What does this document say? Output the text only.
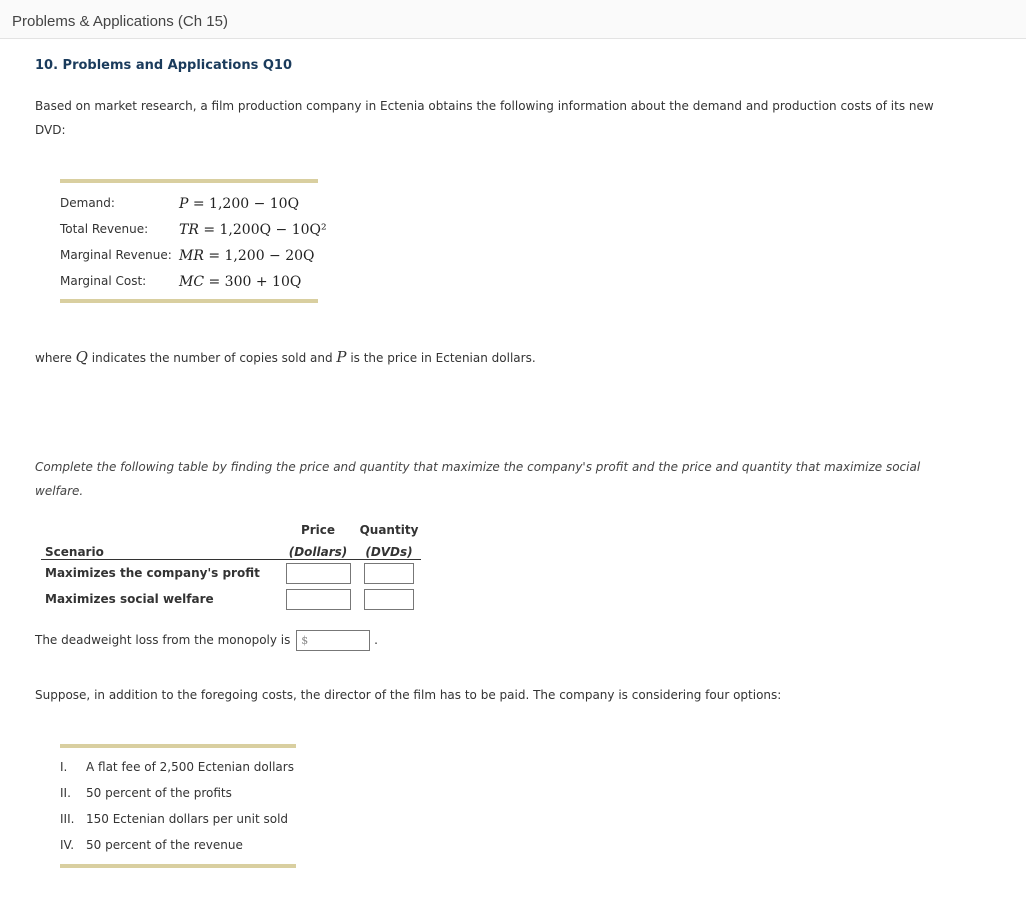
Problems & Applications (Ch 15)
10. Problems and Applications Q10
Based on market research, a film production company in Ectenia obtains the following information about the demand and production costs of its new DVD:
Demand:	P = 1,200 − 10Q
Total Revenue: TR = 1,200Q − 10Q²
Marginal Revenue: MR = 1,200 − 20Q
Marginal Cost: MC = 300 + 10Q
where Q indicates the number of copies sold and P is the price in Ectenian dollars.
Complete the following table by finding the price and quantity that maximize the company's profit and the price and quantity that maximize social welfare.
	Price	Quantity
Scenario	(Dollars)	(DVDs)
Maximizes the company's profit		
Maximizes social welfare		
The deadweight loss from the monopoly is $	.
Suppose, in addition to the foregoing costs, the director of the film has to be paid. The company is considering four options:
I. A flat fee of 2,500 Ectenian dollars
II. 50 percent of the profits
III. 150 Ectenian dollars per unit sold
IV. 50 percent of the revenue
